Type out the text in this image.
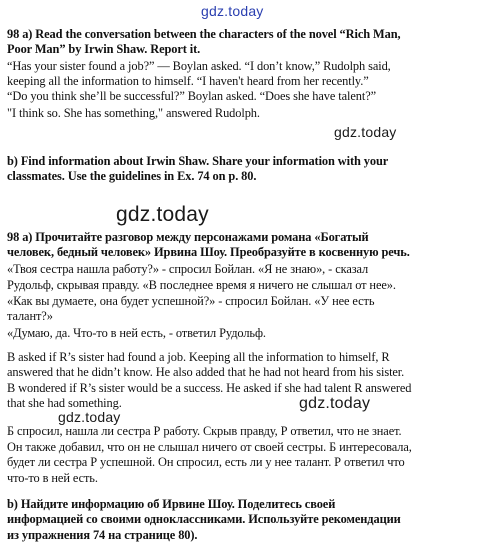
gdz.today
98 a) Read the conversation between the characters of the novel “Rich Man,
Poor Man” by Irwin Shaw. Report it.
“Has your sister found a job?” — Boylan asked. “I don’t know,” Rudolph said,
keeping all the information to himself. “I haven't heard from her recently.”
“Do you think she’ll be successful?” Boylan asked. “Does she have talent?”
"I think so. She has something," answered Rudolph.
gdz.today
b) Find information about Irwin Shaw. Share your information with your
classmates. Use the guidelines in Ex. 74 on p. 80.
gdz.today
98 а) Прочитайте разговор между персонажами романа «Богатый
человек, бедный человек» Ирвина Шоу. Преобразуйте в косвенную речь.
«Твоя сестра нашла работу?» - спросил Бойлан. «Я не знаю», - сказал
Рудольф, скрывая правду. «В последнее время я ничего не слышал от нее».
«Как вы думаете, она будет успешной?» - спросил Бойлан. «У нее есть
талант?»
«Думаю, да. Что-то в ней есть, - ответил Рудольф.
B asked if R’s sister had found a job. Keeping all the information to himself, R
answered that he didn’t know. He also added that he had not heard from his sister.
B wondered if R’s sister would be a success. He asked if she had talent R answered
that she had something.	gdz.today
gdz.today
Б спросил, нашла ли сестра Р работу. Скрыв правду, Р ответил, что не знает.
Он также добавил, что он не слышал ничего от своей сестры. Б интересовала,
будет ли сестра Р успешной. Он спросил, есть ли у нее талант. Р ответил что
что-то в ней есть.
b) Найдите информацию об Ирвине Шоу. Поделитесь своей
информацией со своими одноклассниками. Используйте рекомендации
из упражнения 74 на странице 80).
